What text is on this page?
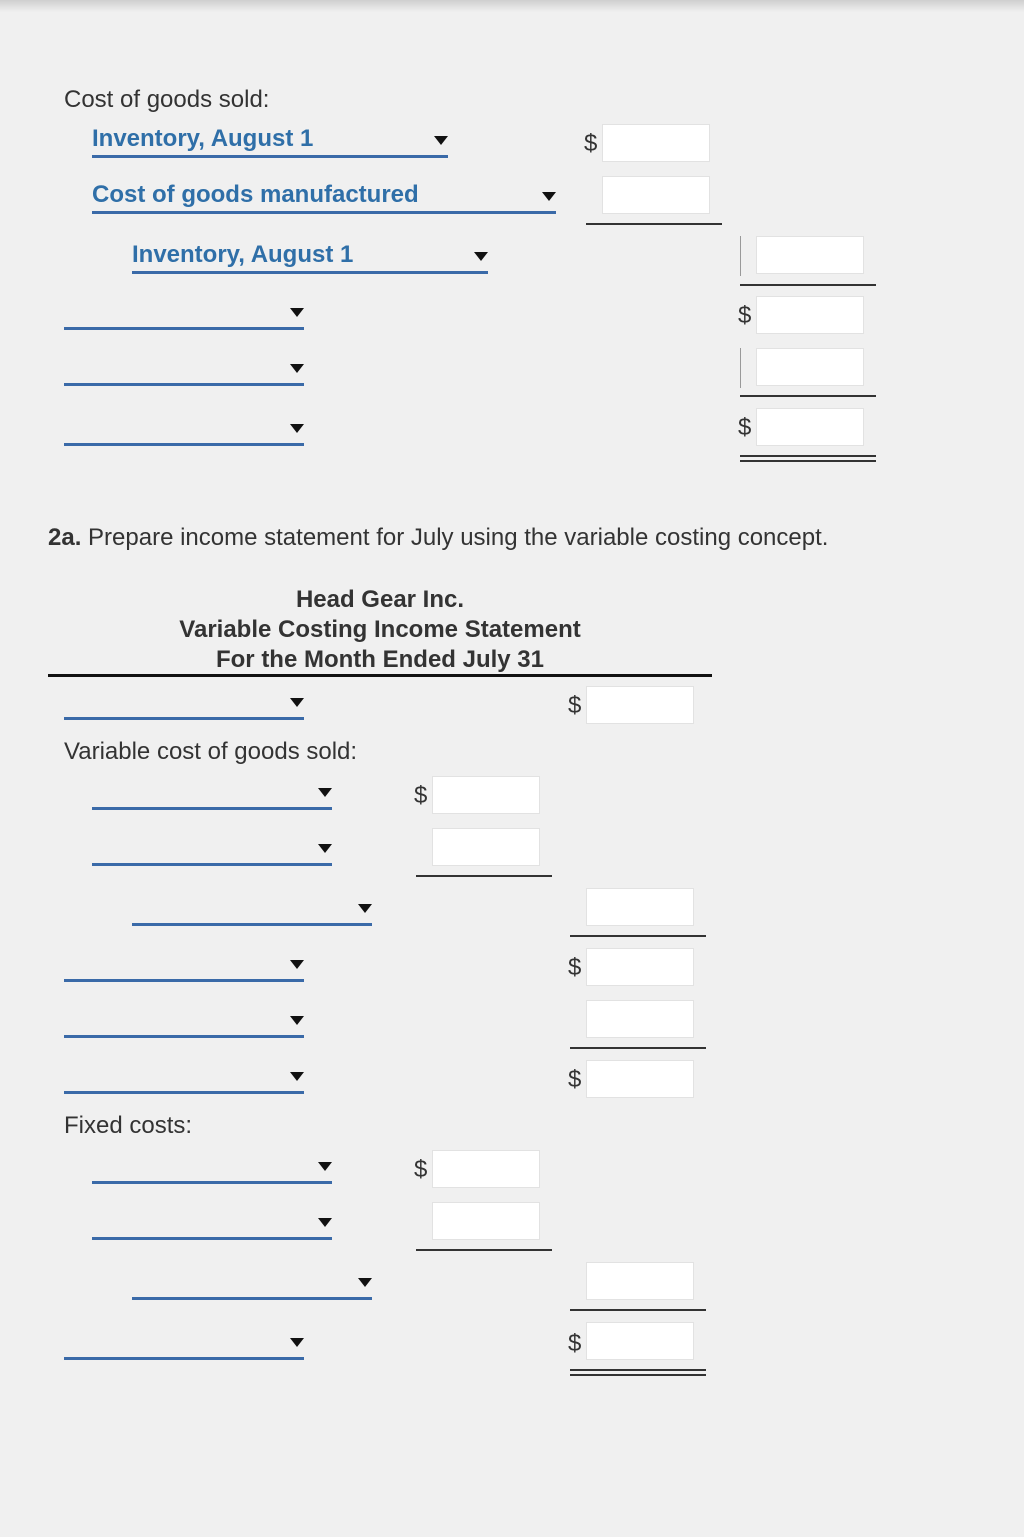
Cost of goods sold:
Inventory, August 1	$
Cost of goods manufactured
Inventory, August 1
$
$
2a. Prepare income statement for July using the variable costing concept.
Head Gear Inc.
Variable Costing Income Statement
For the Month Ended July 31
$
Variable cost of goods sold:
$
$
$
Fixed costs:
$
$
